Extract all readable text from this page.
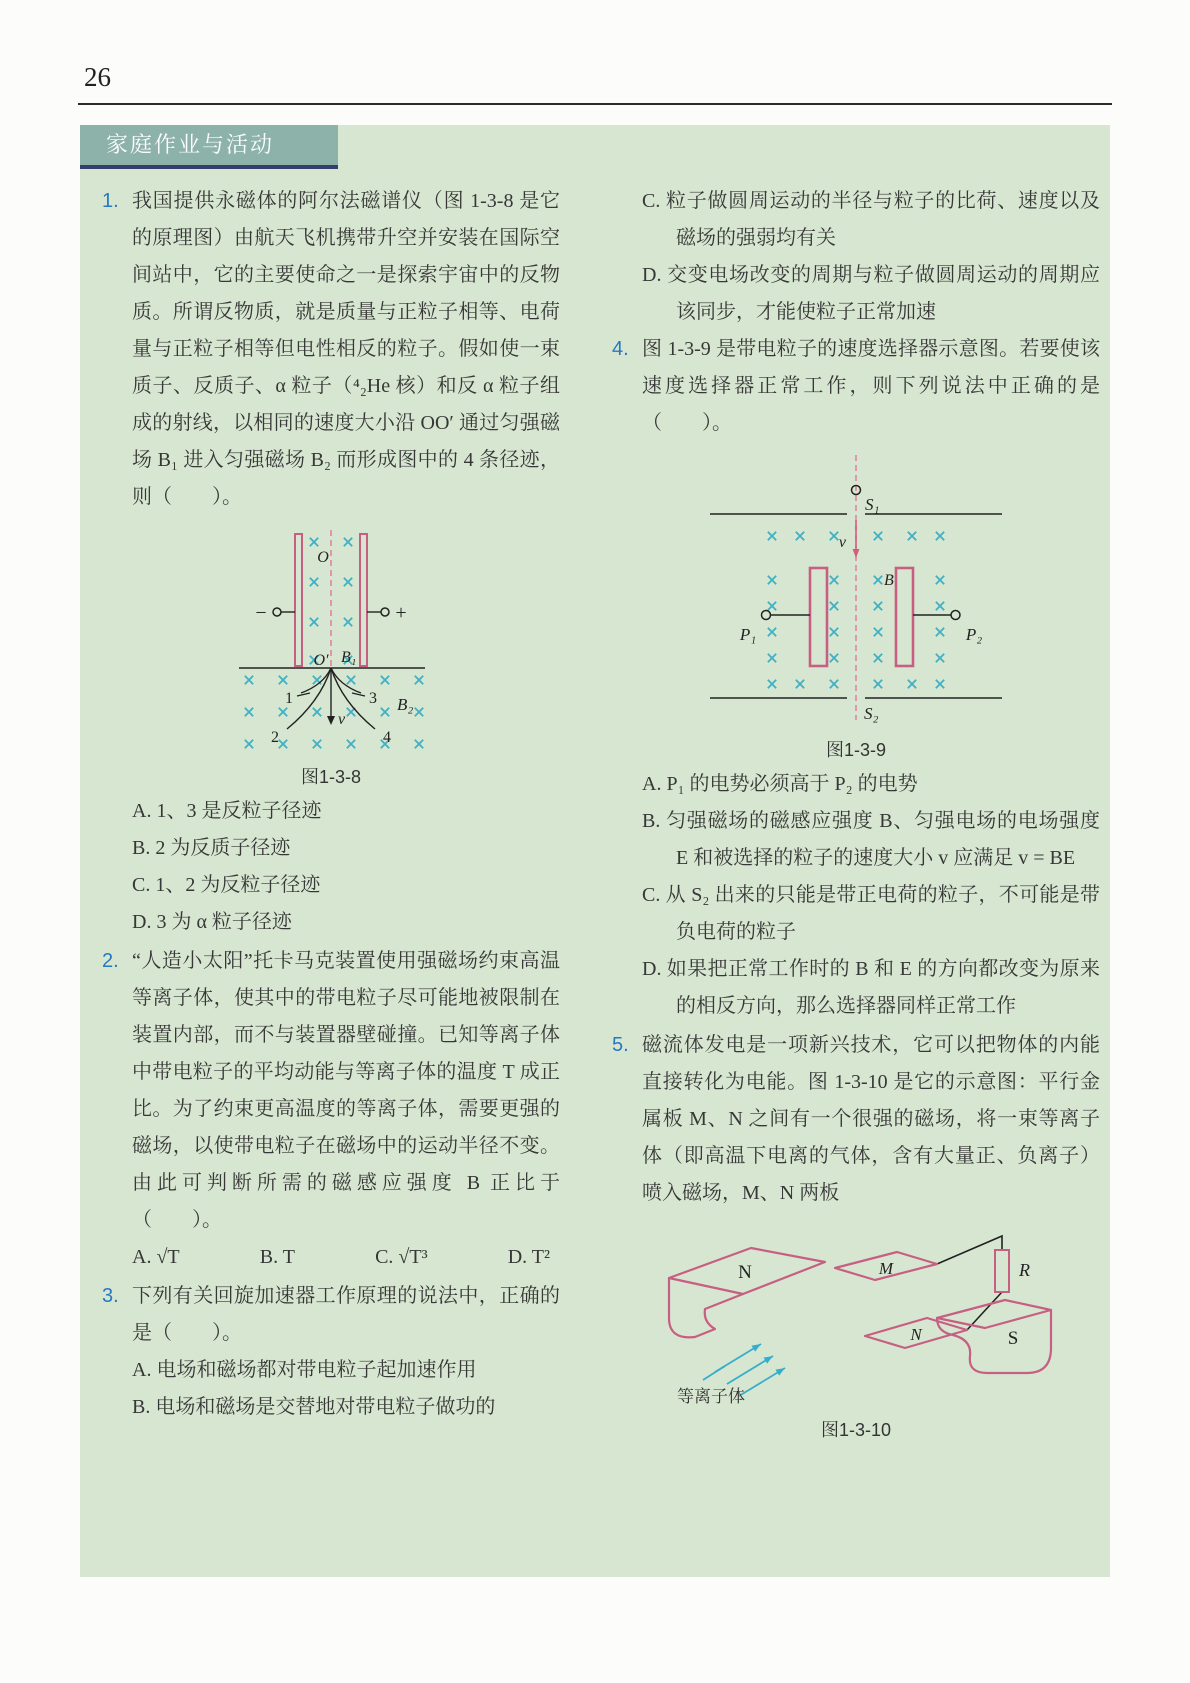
26
家庭作业与活动
1. 我国提供永磁体的阿尔法磁谱仪（图 1-3-8 是它的原理图）由航天飞机携带升空并安装在国际空间站中，它的主要使命之一是探索宇宙中的反物质。所谓反物质，就是质量与正粒子相等、电荷量与正粒子相等但电性相反的粒子。假如使一束质子、反质子、α 粒子（⁴₂He 核）和反 α 粒子组成的射线，以相同的速度大小沿 OO′ 通过匀强磁场 B₁ 进入匀强磁场 B₂ 而形成图中的 4 条径迹，则（　　）。
−	+
O
O′ B₁
v
1
2
3
4
B₂
图1-3-8
A. 1、3 是反粒子径迹
B. 2 为反质子径迹
C. 1、2 为反粒子径迹
D. 3 为 α 粒子径迹
2. “人造小太阳”托卡马克装置使用强磁场约束高温等离子体，使其中的带电粒子尽可能地被限制在装置内部，而不与装置器壁碰撞。已知等离子体中带电粒子的平均动能与等离子体的温度 T 成正比。为了约束更高温度的等离子体，需要更强的磁场，以使带电粒子在磁场中的运动半径不变。由此可判断所需的磁感应强度 B 正比于（　　）。
A. √T	B. T	C. √T³	D. T²
3. 下列有关回旋加速器工作原理的说法中，正确的是（　　）。
A. 电场和磁场都对带电粒子起加速作用
B. 电场和磁场是交替地对带电粒子做功的
C. 粒子做圆周运动的半径与粒子的比荷、速度以及磁场的强弱均有关
D. 交变电场改变的周期与粒子做圆周运动的周期应该同步，才能使粒子正常加速
4. 图 1-3-9 是带电粒子的速度选择器示意图。若要使该速度选择器正常工作，则下列说法中正确的是（　　）。
S₁
v
B
P₁	P₂
S₂
图1-3-9
A. P₁ 的电势必须高于 P₂ 的电势
B. 匀强磁场的磁感应强度 B、匀强电场的电场强度 E 和被选择的粒子的速度大小 v 应满足 v = BE
C. 从 S₂ 出来的只能是带正电荷的粒子，不可能是带负电荷的粒子
D. 如果把正常工作时的 B 和 E 的方向都改变为原来的相反方向，那么选择器同样正常工作
5. 磁流体发电是一项新兴技术，它可以把物体的内能直接转化为电能。图 1-3-10 是它的示意图：平行金属板 M、N 之间有一个很强的磁场，将一束等离子体（即高温下电离的气体，含有大量正、负离子）喷入磁场，M、N 两板
N	M
N	S
R
等离子体
图1-3-10
